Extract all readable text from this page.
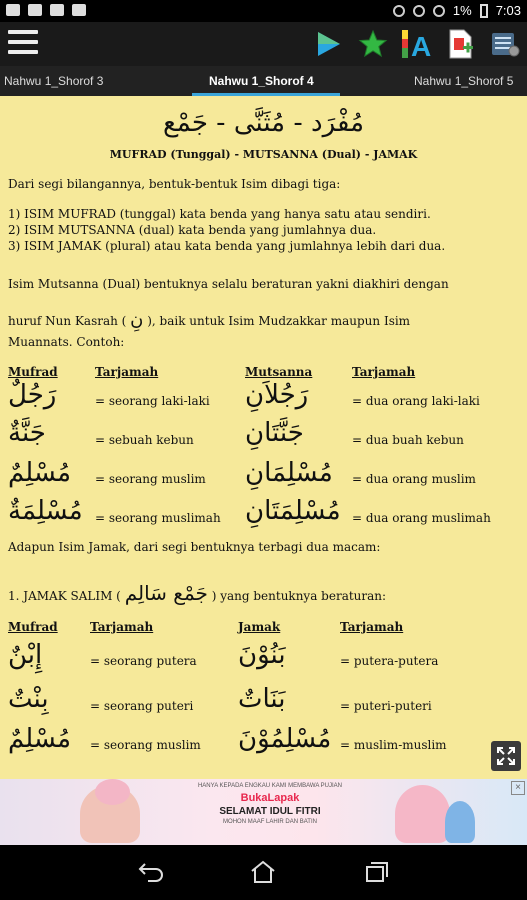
1% 7:03
A
Nahwu 1_Shorof 3	Nahwu 1_Shorof 4	Nahwu 1_Shorof 5
مُفْرَد - مُثَنَّى - جَمْع
MUFRAD (Tunggal) - MUTSANNA (Dual) - JAMAK
Dari segi bilangannya, bentuk-bentuk Isim dibagi tiga:
1) ISIM MUFRAD (tunggal) kata benda yang hanya satu atau sendiri.
2) ISIM MUTSANNA (dual) kata benda yang jumlahnya dua.
3) ISIM JAMAK (plural) atau kata benda yang jumlahnya lebih dari dua.
Isim Mutsanna (Dual) bentuknya selalu beraturan yakni diakhiri dengan
huruf Nun Kasrah ( نِ ), baik untuk Isim Mudzakkar maupun Isim
Muannats. Contoh:
Mufrad	Tarjamah	Mutsanna	Tarjamah
رَجُلٌ	= seorang laki-laki رَجُلاَنِ	= dua orang laki-laki
جَنَّةٌ	= sebuah kebun جَنَّتَانِ	= dua buah kebun
مُسْلِمٌ = seorang muslim مُسْلِمَانِ = dua orang muslim
مُسْلِمَةٌ = seorang muslimah مُسْلِمَتَانِ = dua orang muslimah
Adapun Isim Jamak, dari segi bentuknya terbagi dua macam:
1. JAMAK SALIM ( جَمْع سَالِم ) yang bentuknya beraturan:
Mufrad	Tarjamah	Jamak	Tarjamah
إِبْنٌ	= seorang putera بَنُوْنَ	= putera-putera
بِنْتٌ	= seorang puteri بَنَاتٌ	= puteri-puteri
مُسْلِمٌ = seorang muslim مُسْلِمُوْنَ = muslim-muslim
HANYA KEPADA ENGKAU KAMI MEMBAWA PUJIAN
BukaLapak
SELAMAT IDUL FITRI
MOHON MAAF LAHIR DAN BATIN
×
